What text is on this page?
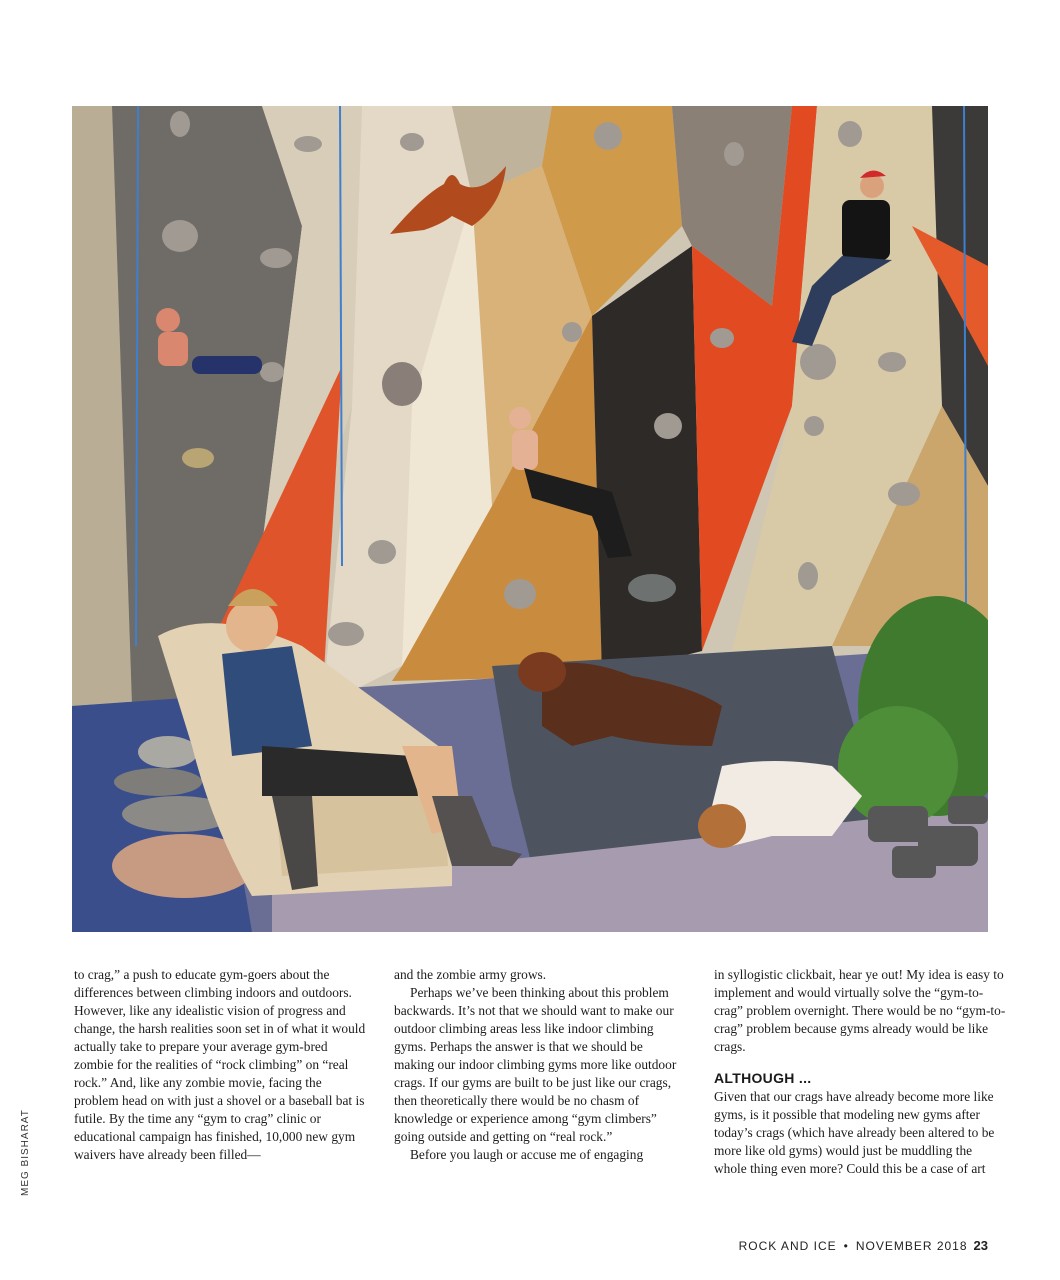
MEG BISHARAT

to crag,” a push to educate gym-goers about the differences between climbing indoors and outdoors. However, like any idealistic vision of progress and change, the harsh realities soon set in of what it would actually take to prepare your average gym-bred zombie for the realities of “rock climbing” on “real rock.” And, like any zombie movie, facing the problem head on with just a shovel or a baseball bat is futile. By the time any “gym to crag” clinic or educational campaign has finished, 10,000 new gym waivers have already been filled—

and the zombie army grows.

Perhaps we’ve been thinking about this problem backwards. It’s not that we should want to make our outdoor climbing areas less like indoor climbing gyms. Perhaps the answer is that we should be making our indoor climbing gyms more like outdoor crags. If our gyms are built to be just like our crags, then theoretically there would be no chasm of knowledge or experience among “gym climbers” going outside and getting on “real rock.”

Before you laugh or accuse me of engaging

in syllogistic clickbait, hear ye out! My idea is easy to implement and would virtually solve the “gym-to-crag” problem overnight. There would be no “gym-to-crag” problem because gyms already would be like crags.

ALTHOUGH ...

Given that our crags have already become more like gyms, is it possible that modeling new gyms after today’s crags (which have already been altered to be more like old gyms) would just be muddling the whole thing even more? Could this be a case of art

ROCK AND ICE • NOVEMBER 2018 23
